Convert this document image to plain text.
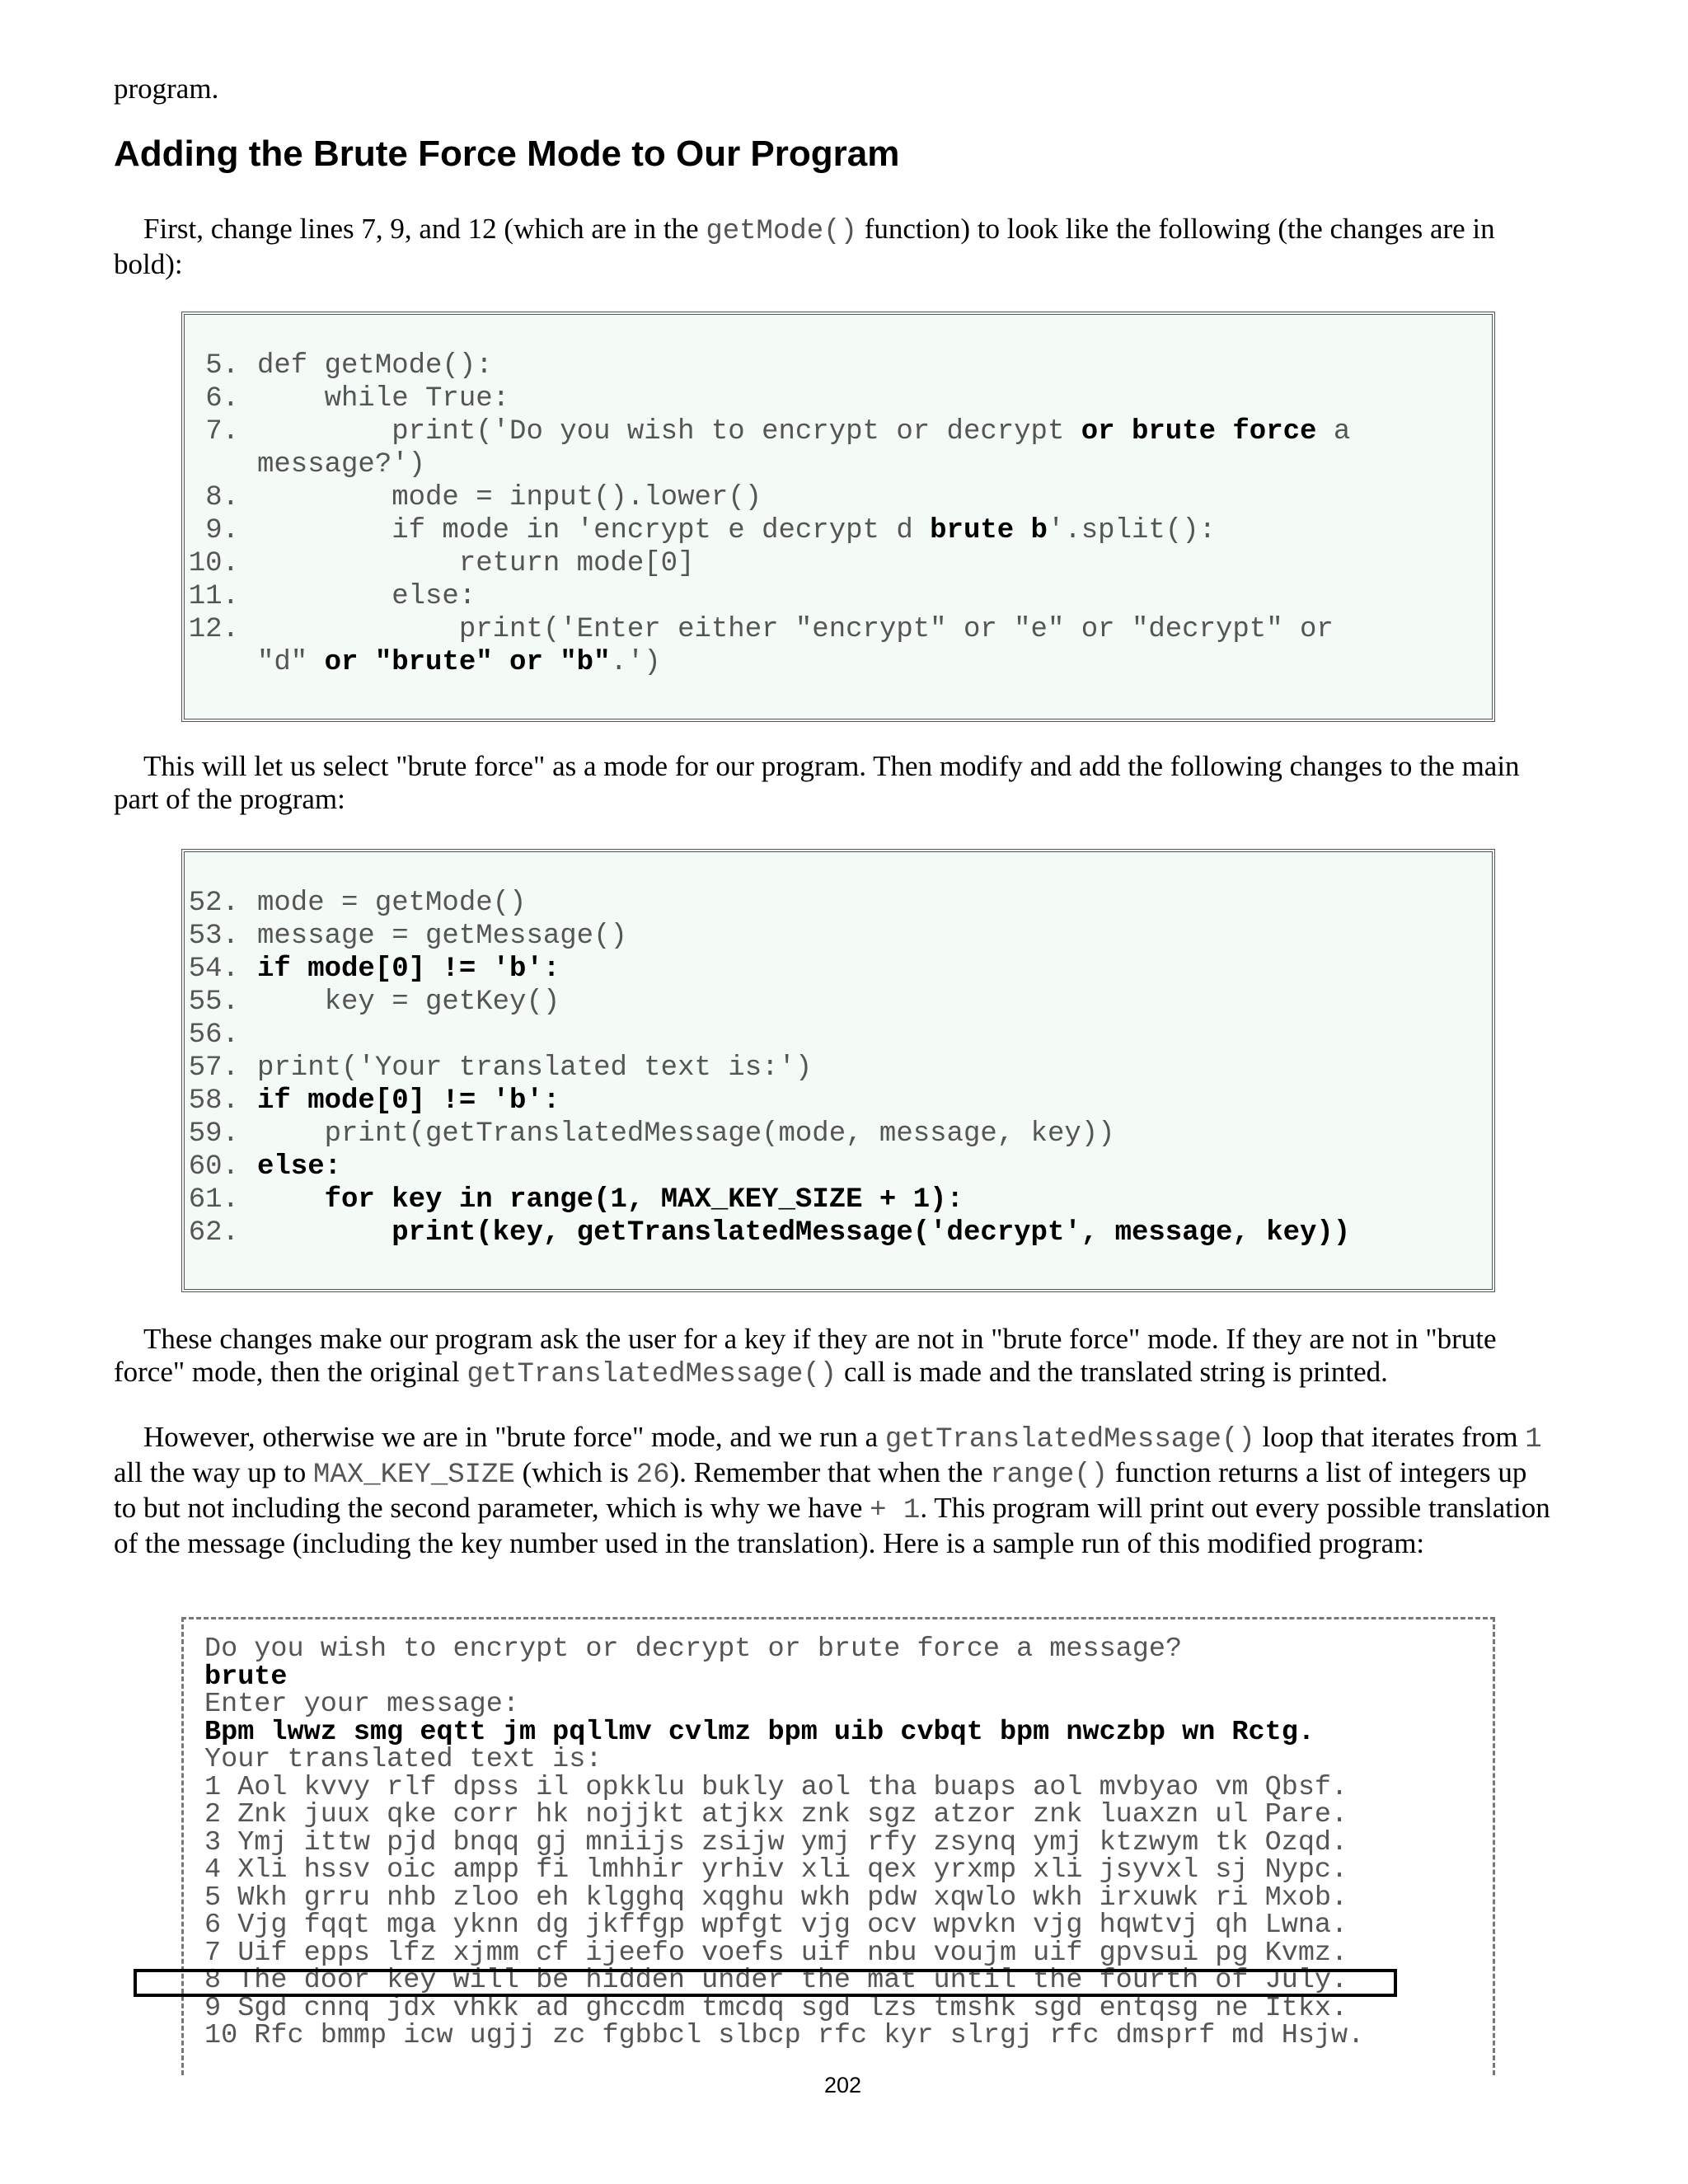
program.
Adding the Brute Force Mode to Our Program
First, change lines 7, 9, and 12 (which are in the getMode() function) to look like the following (the changes are in bold):
5. def getMode():
6.    while True:
7.        print('Do you wish to encrypt or decrypt or brute force a
message?')
8.        mode = input().lower()
9.        if mode in 'encrypt e decrypt d brute b'.split():
10.            return mode[0]
11.        else:
12.            print('Enter either "encrypt" or "e" or "decrypt" or
"d" or "brute" or "b".')
This will let us select "brute force" as a mode for our program. Then modify and add the following changes to the main part of the program:
52. mode = getMode()
53. message = getMessage()
54. if mode[0] != 'b':
55.    key = getKey()
56.
57. print('Your translated text is:')
58. if mode[0] != 'b':
59.    print(getTranslatedMessage(mode, message, key))
60. else:
61.	for key in range(1, MAX_KEY_SIZE + 1):
62.	print(key, getTranslatedMessage('decrypt', message, key))
These changes make our program ask the user for a key if they are not in "brute force" mode. If they are not in "brute force" mode, then the original getTranslatedMessage() call is made and the translated string is printed.
However, otherwise we are in "brute force" mode, and we run a getTranslatedMessage() loop that iterates from 1 all the way up to MAX_KEY_SIZE (which is 26). Remember that when the range() function returns a list of integers up to but not including the second parameter, which is why we have + 1. This program will print out every possible translation of the message (including the key number used in the translation). Here is a sample run of this modified program:
Do you wish to encrypt or decrypt or brute force a message?
brute
Enter your message:
Bpm lwwz smg eqtt jm pqllmv cvlmz bpm uib cvbqt bpm nwczbp wn Rctg.
Your translated text is:
1 Aol kvvy rlf dpss il opkklu bukly aol tha buaps aol mvbyao vm Qbsf.
2 Znk juux qke corr hk nojjkt atjkx znk sgz atzor znk luaxzn ul Pare.
3 Ymj ittw pjd bnqq gj mniijs zsijw ymj rfy zsynq ymj ktzwym tk Ozqd.
4 Xli hssv oic ampp fi lmhhir yrhiv xli qex yrxmp xli jsyvxl sj Nypc.
5 Wkh grru nhb zloo eh klgghq xqghu wkh pdw xqwlo wkh irxuwk ri Mxob.
6 Vjg fqqt mga yknn dg jkffgp wpfgt vjg ocv wpvkn vjg hqwtvj qh Lwna.
7 Uif epps lfz xjmm cf ijeefo voefs uif nbu voujm uif gpvsui pg Kvmz.
8 The door key will be hidden under the mat until the fourth of July.
9 Sgd cnnq jdx vhkk ad ghccdm tmcdq sgd lzs tmshk sgd entqsg ne Itkx.
10 Rfc bmmp icw ugjj zc fgbbcl slbcp rfc kyr slrgj rfc dmsprf md Hsjw.
202
